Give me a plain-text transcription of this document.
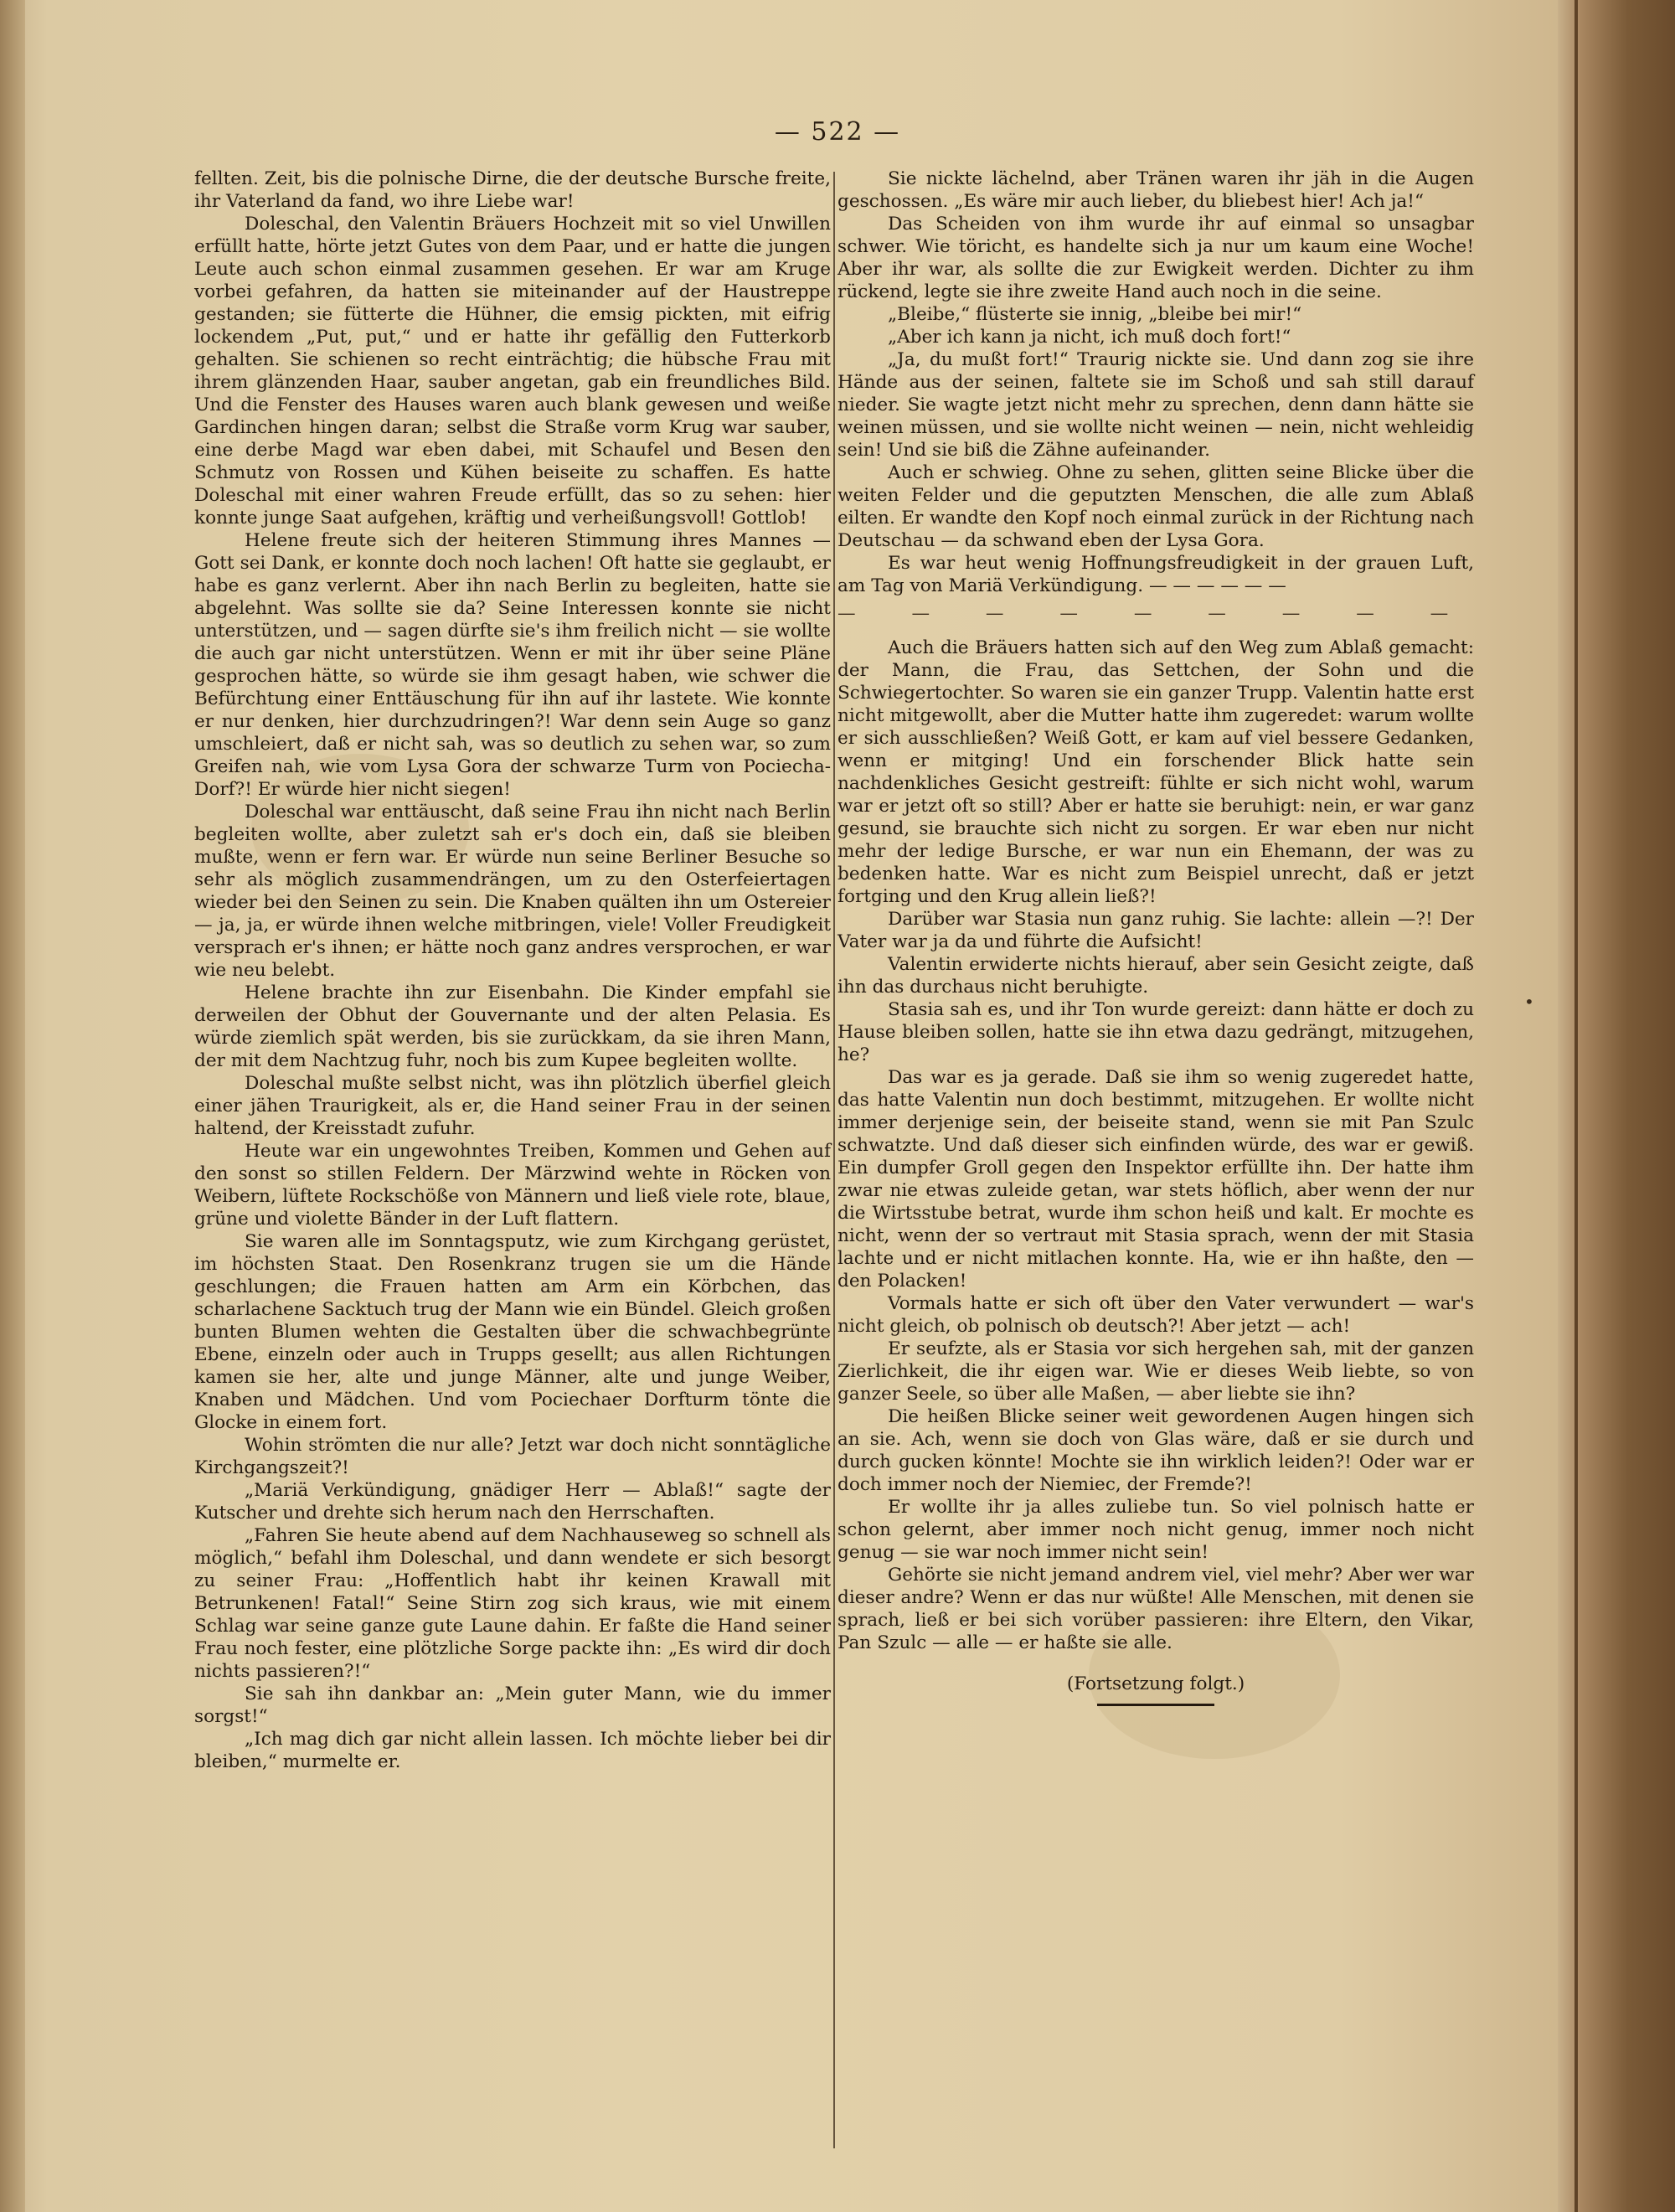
— 522 —

fellten. Zeit, bis die polnische Dirne, die der deutsche Bursche freite, ihr Vaterland da fand, wo ihre Liebe war!

Doleschal, den Valentin Bräuers Hochzeit mit so viel Unwillen erfüllt hatte, hörte jetzt Gutes von dem Paar, und er hatte die jungen Leute auch schon einmal zusammen gesehen. Er war am Kruge vorbei gefahren, da hatten sie miteinander auf der Haustreppe gestanden; sie fütterte die Hühner, die emsig pickten, mit eifrig lockendem „Put, put,“ und er hatte ihr gefällig den Futterkorb gehalten. Sie schienen so recht einträchtig; die hübsche Frau mit ihrem glänzenden Haar, sauber angetan, gab ein freundliches Bild. Und die Fenster des Hauses waren auch blank gewesen und weiße Gardinchen hingen daran; selbst die Straße vorm Krug war sauber, eine derbe Magd war eben dabei, mit Schaufel und Besen den Schmutz von Rossen und Kühen beiseite zu schaffen. Es hatte Doleschal mit einer wahren Freude erfüllt, das so zu sehen: hier konnte junge Saat aufgehen, kräftig und verheißungsvoll! Gottlob!

Helene freute sich der heiteren Stimmung ihres Mannes — Gott sei Dank, er konnte doch noch lachen! Oft hatte sie geglaubt, er habe es ganz verlernt. Aber ihn nach Berlin zu begleiten, hatte sie abgelehnt. Was sollte sie da? Seine Interessen konnte sie nicht unterstützen, und — sagen dürfte sie's ihm freilich nicht — sie wollte die auch gar nicht unterstützen. Wenn er mit ihr über seine Pläne gesprochen hätte, so würde sie ihm gesagt haben, wie schwer die Befürchtung einer Enttäuschung für ihn auf ihr lastete. Wie konnte er nur denken, hier durchzudringen?! War denn sein Auge so ganz umschleiert, daß er nicht sah, was so deutlich zu sehen war, so zum Greifen nah, wie vom Lysa Gora der schwarze Turm von Pociecha-Dorf?! Er würde hier nicht siegen!

Doleschal war enttäuscht, daß seine Frau ihn nicht nach Berlin begleiten wollte, aber zuletzt sah er's doch ein, daß sie bleiben mußte, wenn er fern war. Er würde nun seine Berliner Besuche so sehr als möglich zusammendrängen, um zu den Osterfeiertagen wieder bei den Seinen zu sein. Die Knaben quälten ihn um Ostereier — ja, ja, er würde ihnen welche mitbringen, viele! Voller Freudigkeit versprach er's ihnen; er hätte noch ganz andres versprochen, er war wie neu belebt.

Helene brachte ihn zur Eisenbahn. Die Kinder empfahl sie derweilen der Obhut der Gouvernante und der alten Pelasia. Es würde ziemlich spät werden, bis sie zurückkam, da sie ihren Mann, der mit dem Nachtzug fuhr, noch bis zum Kupee begleiten wollte.

Doleschal mußte selbst nicht, was ihn plötzlich überfiel gleich einer jähen Traurigkeit, als er, die Hand seiner Frau in der seinen haltend, der Kreisstadt zufuhr.

Heute war ein ungewohntes Treiben, Kommen und Gehen auf den sonst so stillen Feldern. Der Märzwind wehte in Röcken von Weibern, lüftete Rockschöße von Männern und ließ viele rote, blaue, grüne und violette Bänder in der Luft flattern.

Sie waren alle im Sonntagsputz, wie zum Kirchgang gerüstet, im höchsten Staat. Den Rosenkranz trugen sie um die Hände geschlungen; die Frauen hatten am Arm ein Körbchen, das scharlachene Sacktuch trug der Mann wie ein Bündel. Gleich großen bunten Blumen wehten die Gestalten über die schwachbegrünte Ebene, einzeln oder auch in Trupps gesellt; aus allen Richtungen kamen sie her, alte und junge Männer, alte und junge Weiber, Knaben und Mädchen. Und vom Pociechaer Dorfturm tönte die Glocke in einem fort.

Wohin strömten die nur alle? Jetzt war doch nicht sonntägliche Kirchgangszeit?!

„Mariä Verkündigung, gnädiger Herr — Ablaß!“ sagte der Kutscher und drehte sich herum nach den Herrschaften.

„Fahren Sie heute abend auf dem Nachhauseweg so schnell als möglich,“ befahl ihm Doleschal, und dann wendete er sich besorgt zu seiner Frau: „Hoffentlich habt ihr keinen Krawall mit Betrunkenen! Fatal!“ Seine Stirn zog sich kraus, wie mit einem Schlag war seine ganze gute Laune dahin. Er faßte die Hand seiner Frau noch fester, eine plötzliche Sorge packte ihn: „Es wird dir doch nichts passieren?!“

Sie sah ihn dankbar an: „Mein guter Mann, wie du immer sorgst!“

„Ich mag dich gar nicht allein lassen. Ich möchte lieber bei dir bleiben,“ murmelte er.

Sie nickte lächelnd, aber Tränen waren ihr jäh in die Augen geschossen. „Es wäre mir auch lieber, du bliebest hier! Ach ja!“

Das Scheiden von ihm wurde ihr auf einmal so unsagbar schwer. Wie töricht, es handelte sich ja nur um kaum eine Woche! Aber ihr war, als sollte die zur Ewigkeit werden. Dichter zu ihm rückend, legte sie ihre zweite Hand auch noch in die seine.

„Bleibe,“ flüsterte sie innig, „bleibe bei mir!“

„Aber ich kann ja nicht, ich muß doch fort!“

„Ja, du mußt fort!“ Traurig nickte sie. Und dann zog sie ihre Hände aus der seinen, faltete sie im Schoß und sah still darauf nieder. Sie wagte jetzt nicht mehr zu sprechen, denn dann hätte sie weinen müssen, und sie wollte nicht weinen — nein, nicht wehleidig sein! Und sie biß die Zähne aufeinander.

Auch er schwieg. Ohne zu sehen, glitten seine Blicke über die weiten Felder und die geputzten Menschen, die alle zum Ablaß eilten. Er wandte den Kopf noch einmal zurück in der Richtung nach Deutschau — da schwand eben der Lysa Gora.

Es war heut wenig Hoffnungsfreudigkeit in der grauen Luft, am Tag von Mariä Verkündigung. — — — — — —

— — — — — — — — —

Auch die Bräuers hatten sich auf den Weg zum Ablaß gemacht: der Mann, die Frau, das Settchen, der Sohn und die Schwiegertochter. So waren sie ein ganzer Trupp. Valentin hatte erst nicht mitgewollt, aber die Mutter hatte ihm zugeredet: warum wollte er sich ausschließen? Weiß Gott, er kam auf viel bessere Gedanken, wenn er mitging! Und ein forschender Blick hatte sein nachdenkliches Gesicht gestreift: fühlte er sich nicht wohl, warum war er jetzt oft so still? Aber er hatte sie beruhigt: nein, er war ganz gesund, sie brauchte sich nicht zu sorgen. Er war eben nur nicht mehr der ledige Bursche, er war nun ein Ehemann, der was zu bedenken hatte. War es nicht zum Beispiel unrecht, daß er jetzt fortging und den Krug allein ließ?!

Darüber war Stasia nun ganz ruhig. Sie lachte: allein —?! Der Vater war ja da und führte die Aufsicht!

Valentin erwiderte nichts hierauf, aber sein Gesicht zeigte, daß ihn das durchaus nicht beruhigte.

Stasia sah es, und ihr Ton wurde gereizt: dann hätte er doch zu Hause bleiben sollen, hatte sie ihn etwa dazu gedrängt, mitzugehen, he?

Das war es ja gerade. Daß sie ihm so wenig zugeredet hatte, das hatte Valentin nun doch bestimmt, mitzugehen. Er wollte nicht immer derjenige sein, der beiseite stand, wenn sie mit Pan Szulc schwatzte. Und daß dieser sich einfinden würde, des war er gewiß. Ein dumpfer Groll gegen den Inspektor erfüllte ihn. Der hatte ihm zwar nie etwas zuleide getan, war stets höflich, aber wenn der nur die Wirtsstube betrat, wurde ihm schon heiß und kalt. Er mochte es nicht, wenn der so vertraut mit Stasia sprach, wenn der mit Stasia lachte und er nicht mitlachen konnte. Ha, wie er ihn haßte, den — den Polacken!

Vormals hatte er sich oft über den Vater verwundert — war's nicht gleich, ob polnisch ob deutsch?! Aber jetzt — ach!

Er seufzte, als er Stasia vor sich hergehen sah, mit der ganzen Zierlichkeit, die ihr eigen war. Wie er dieses Weib liebte, so von ganzer Seele, so über alle Maßen, — aber liebte sie ihn?

Die heißen Blicke seiner weit gewordenen Augen hingen sich an sie. Ach, wenn sie doch von Glas wäre, daß er sie durch und durch gucken könnte! Mochte sie ihn wirklich leiden?! Oder war er doch immer noch der Niemiec, der Fremde?!

Er wollte ihr ja alles zuliebe tun. So viel polnisch hatte er schon gelernt, aber immer noch nicht genug, immer noch nicht genug — sie war noch immer nicht sein!

Gehörte sie nicht jemand andrem viel, viel mehr? Aber wer war dieser andre? Wenn er das nur wüßte! Alle Menschen, mit denen sie sprach, ließ er bei sich vorüber passieren: ihre Eltern, den Vikar, Pan Szulc — alle — er haßte sie alle.

(Fortsetzung folgt.)

•
